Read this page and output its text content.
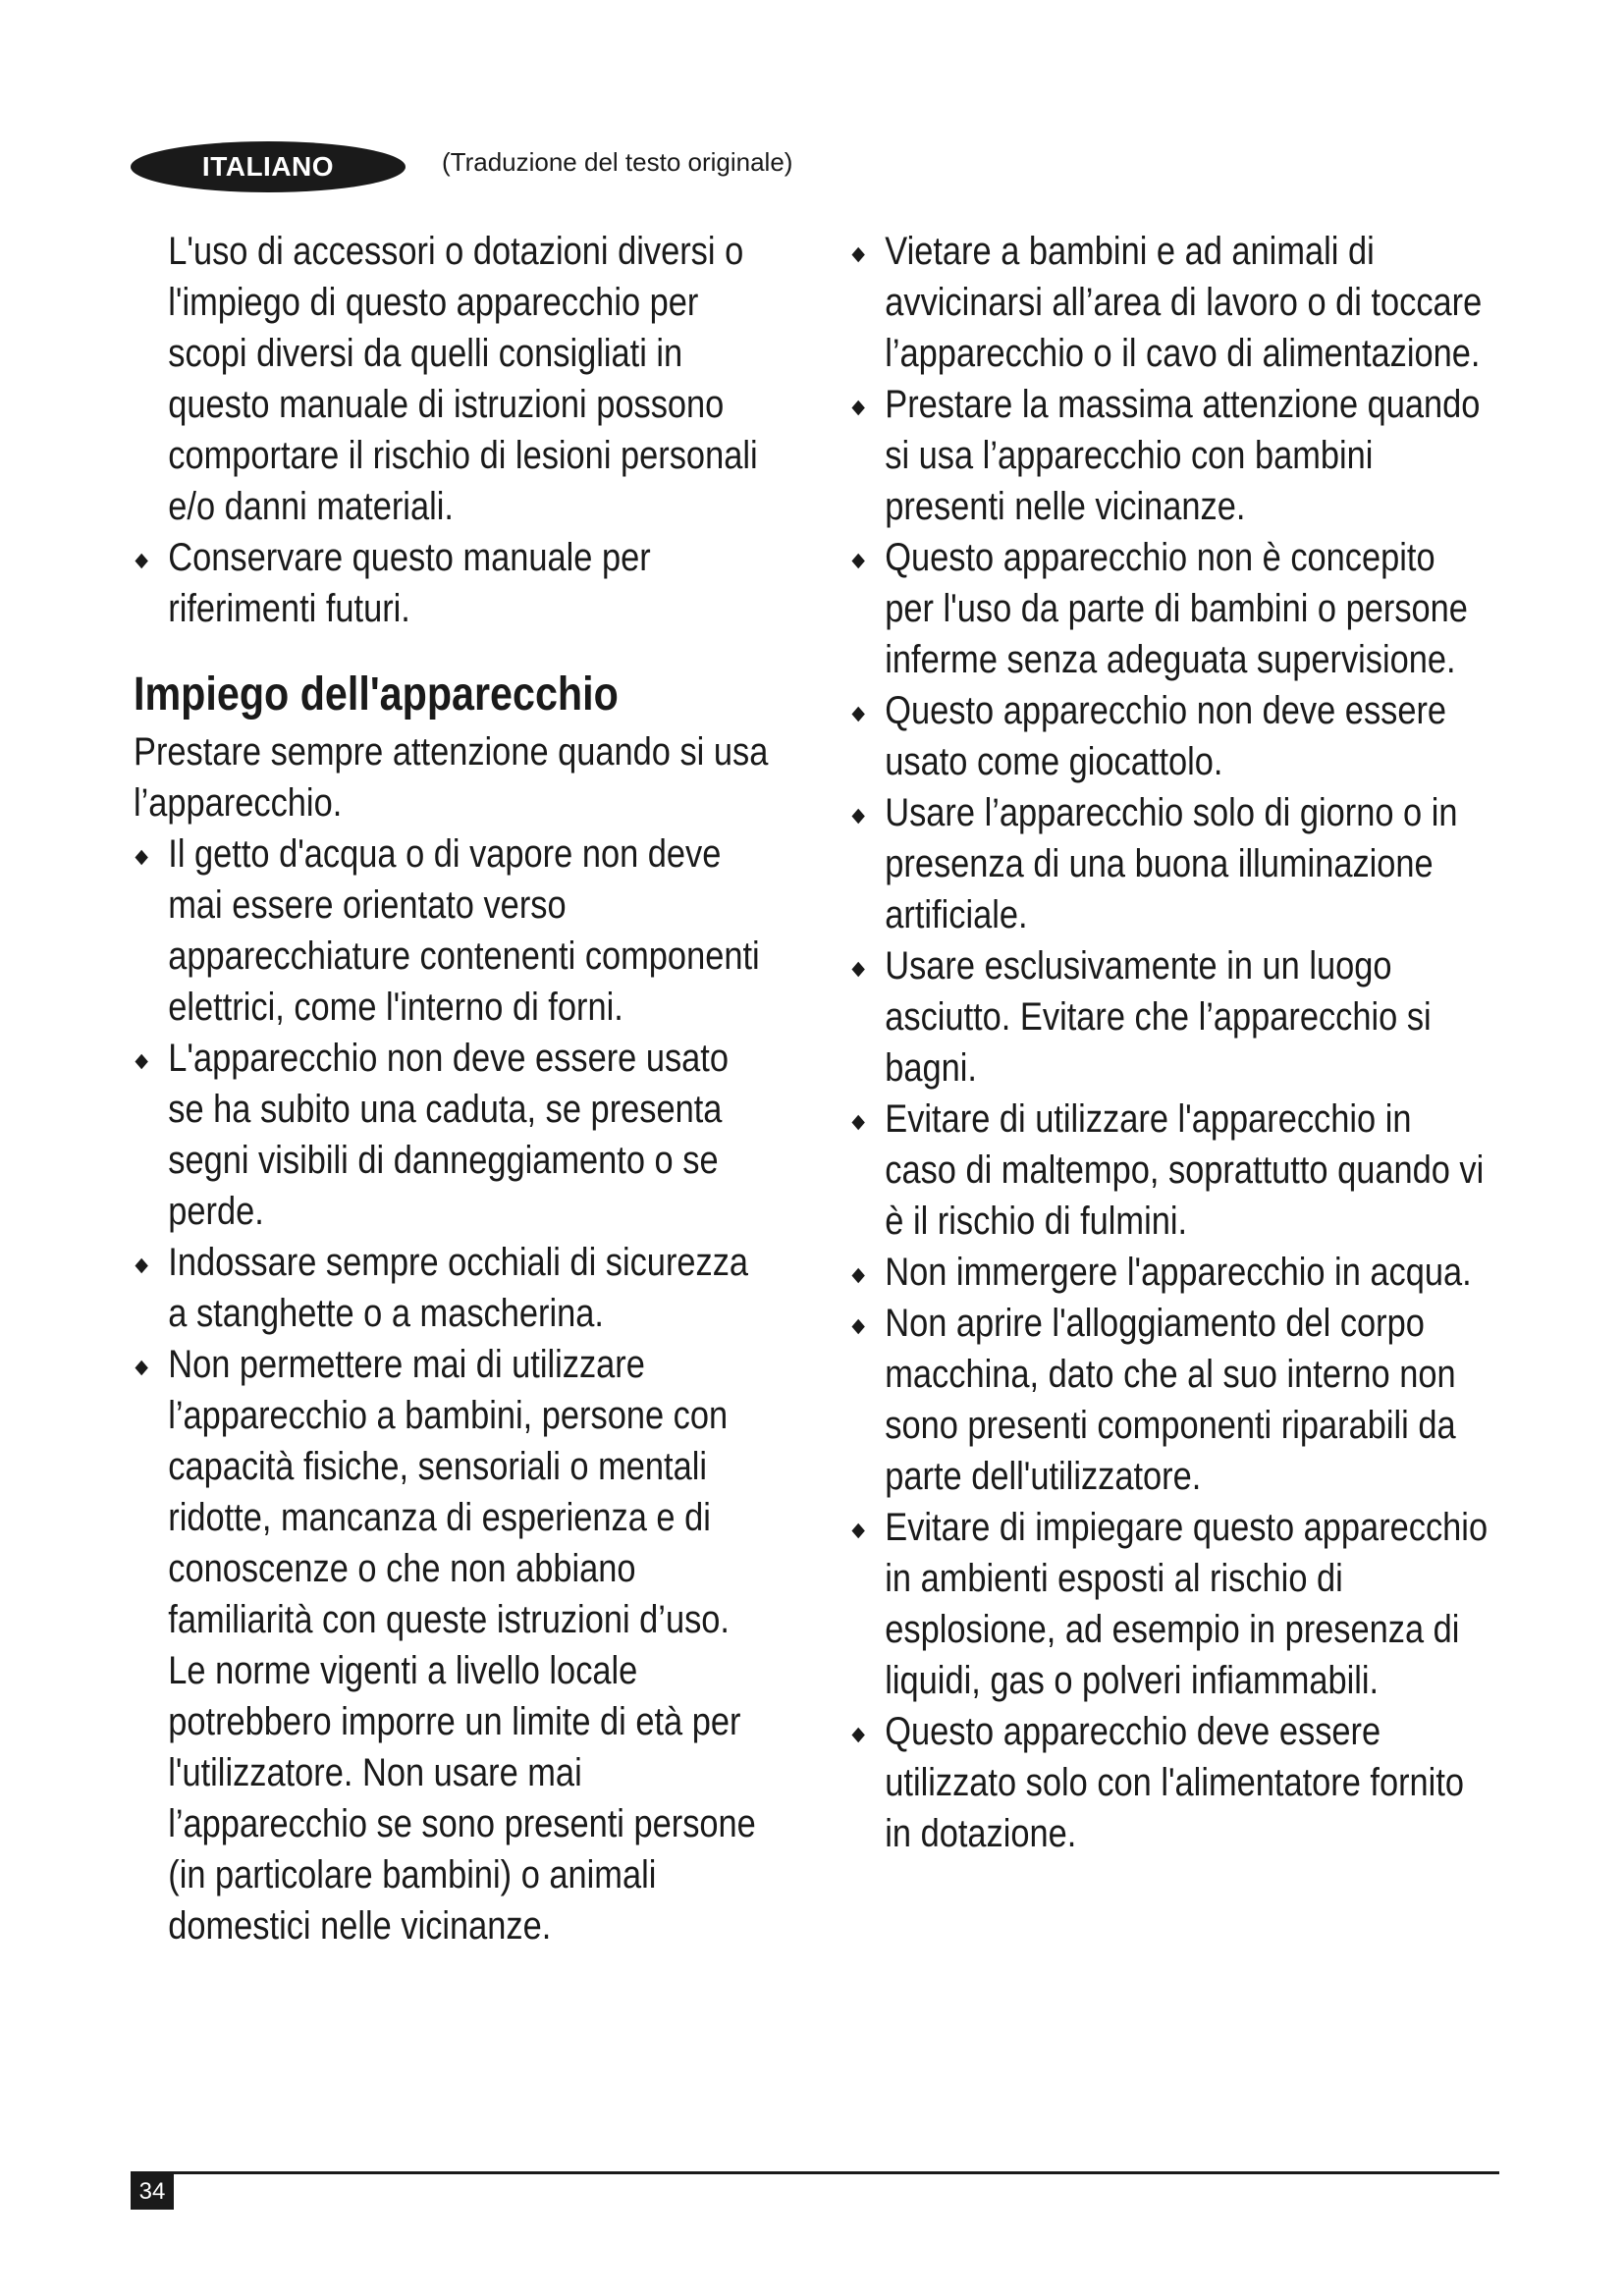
ITALIANO	(Traduzione del testo originale)

L'uso di accessori o dotazioni diversi o l'impiego di questo apparecchio per scopi diversi da quelli consigliati in questo manuale di istruzioni possono comportare il rischio di lesioni personali e/o danni materiali.

Conservare questo manuale per riferimenti futuri.
Impiego dell'apparecchio

Prestare sempre attenzione quando si usa l’apparecchio.

Il getto d'acqua o di vapore non deve mai essere orientato verso apparecchiature contenenti componenti elettrici, come l'interno di forni.
L'apparecchio non deve essere usato se ha subito una caduta, se presenta segni visibili di danneggiamento o se perde.
Indossare sempre occhiali di sicurezza a stanghette o a mascherina.
Non permettere mai di utilizzare l’apparecchio a bambini, persone con capacità fisiche, sensoriali o mentali ridotte, mancanza di esperienza e di conoscenze o che non abbiano familiarità con queste istruzioni d’uso. Le norme vigenti a livello locale potrebbero imporre un limite di età per l'utilizzatore. Non usare mai l’apparecchio se sono presenti persone (in particolare bambini) o animali domestici nelle vicinanze.
Vietare a bambini e ad animali di avvicinarsi all’area di lavoro o di toccare l’apparecchio o il cavo di alimentazione.
Prestare la massima attenzione quando si usa l’apparecchio con bambini presenti nelle vicinanze.
Questo apparecchio non è concepito per l'uso da parte di bambini o persone inferme senza adeguata supervisione.
Questo apparecchio non deve essere usato come giocattolo.
Usare l’apparecchio solo di giorno o in presenza di una buona illuminazione artificiale.
Usare esclusivamente in un luogo asciutto. Evitare che l’apparecchio si bagni.
Evitare di utilizzare l'apparecchio in caso di maltempo, soprattutto quando vi è il rischio di fulmini.
Non immergere l'apparecchio in acqua.
Non aprire l'alloggiamento del corpo macchina, dato che al suo interno non sono presenti componenti riparabili da parte dell'utilizzatore.
Evitare di impiegare questo apparecchio in ambienti esposti al rischio di esplosione, ad esempio in presenza di liquidi, gas o polveri infiammabili.
Questo apparecchio deve essere utilizzato solo con l'alimentatore fornito in dotazione.
34
